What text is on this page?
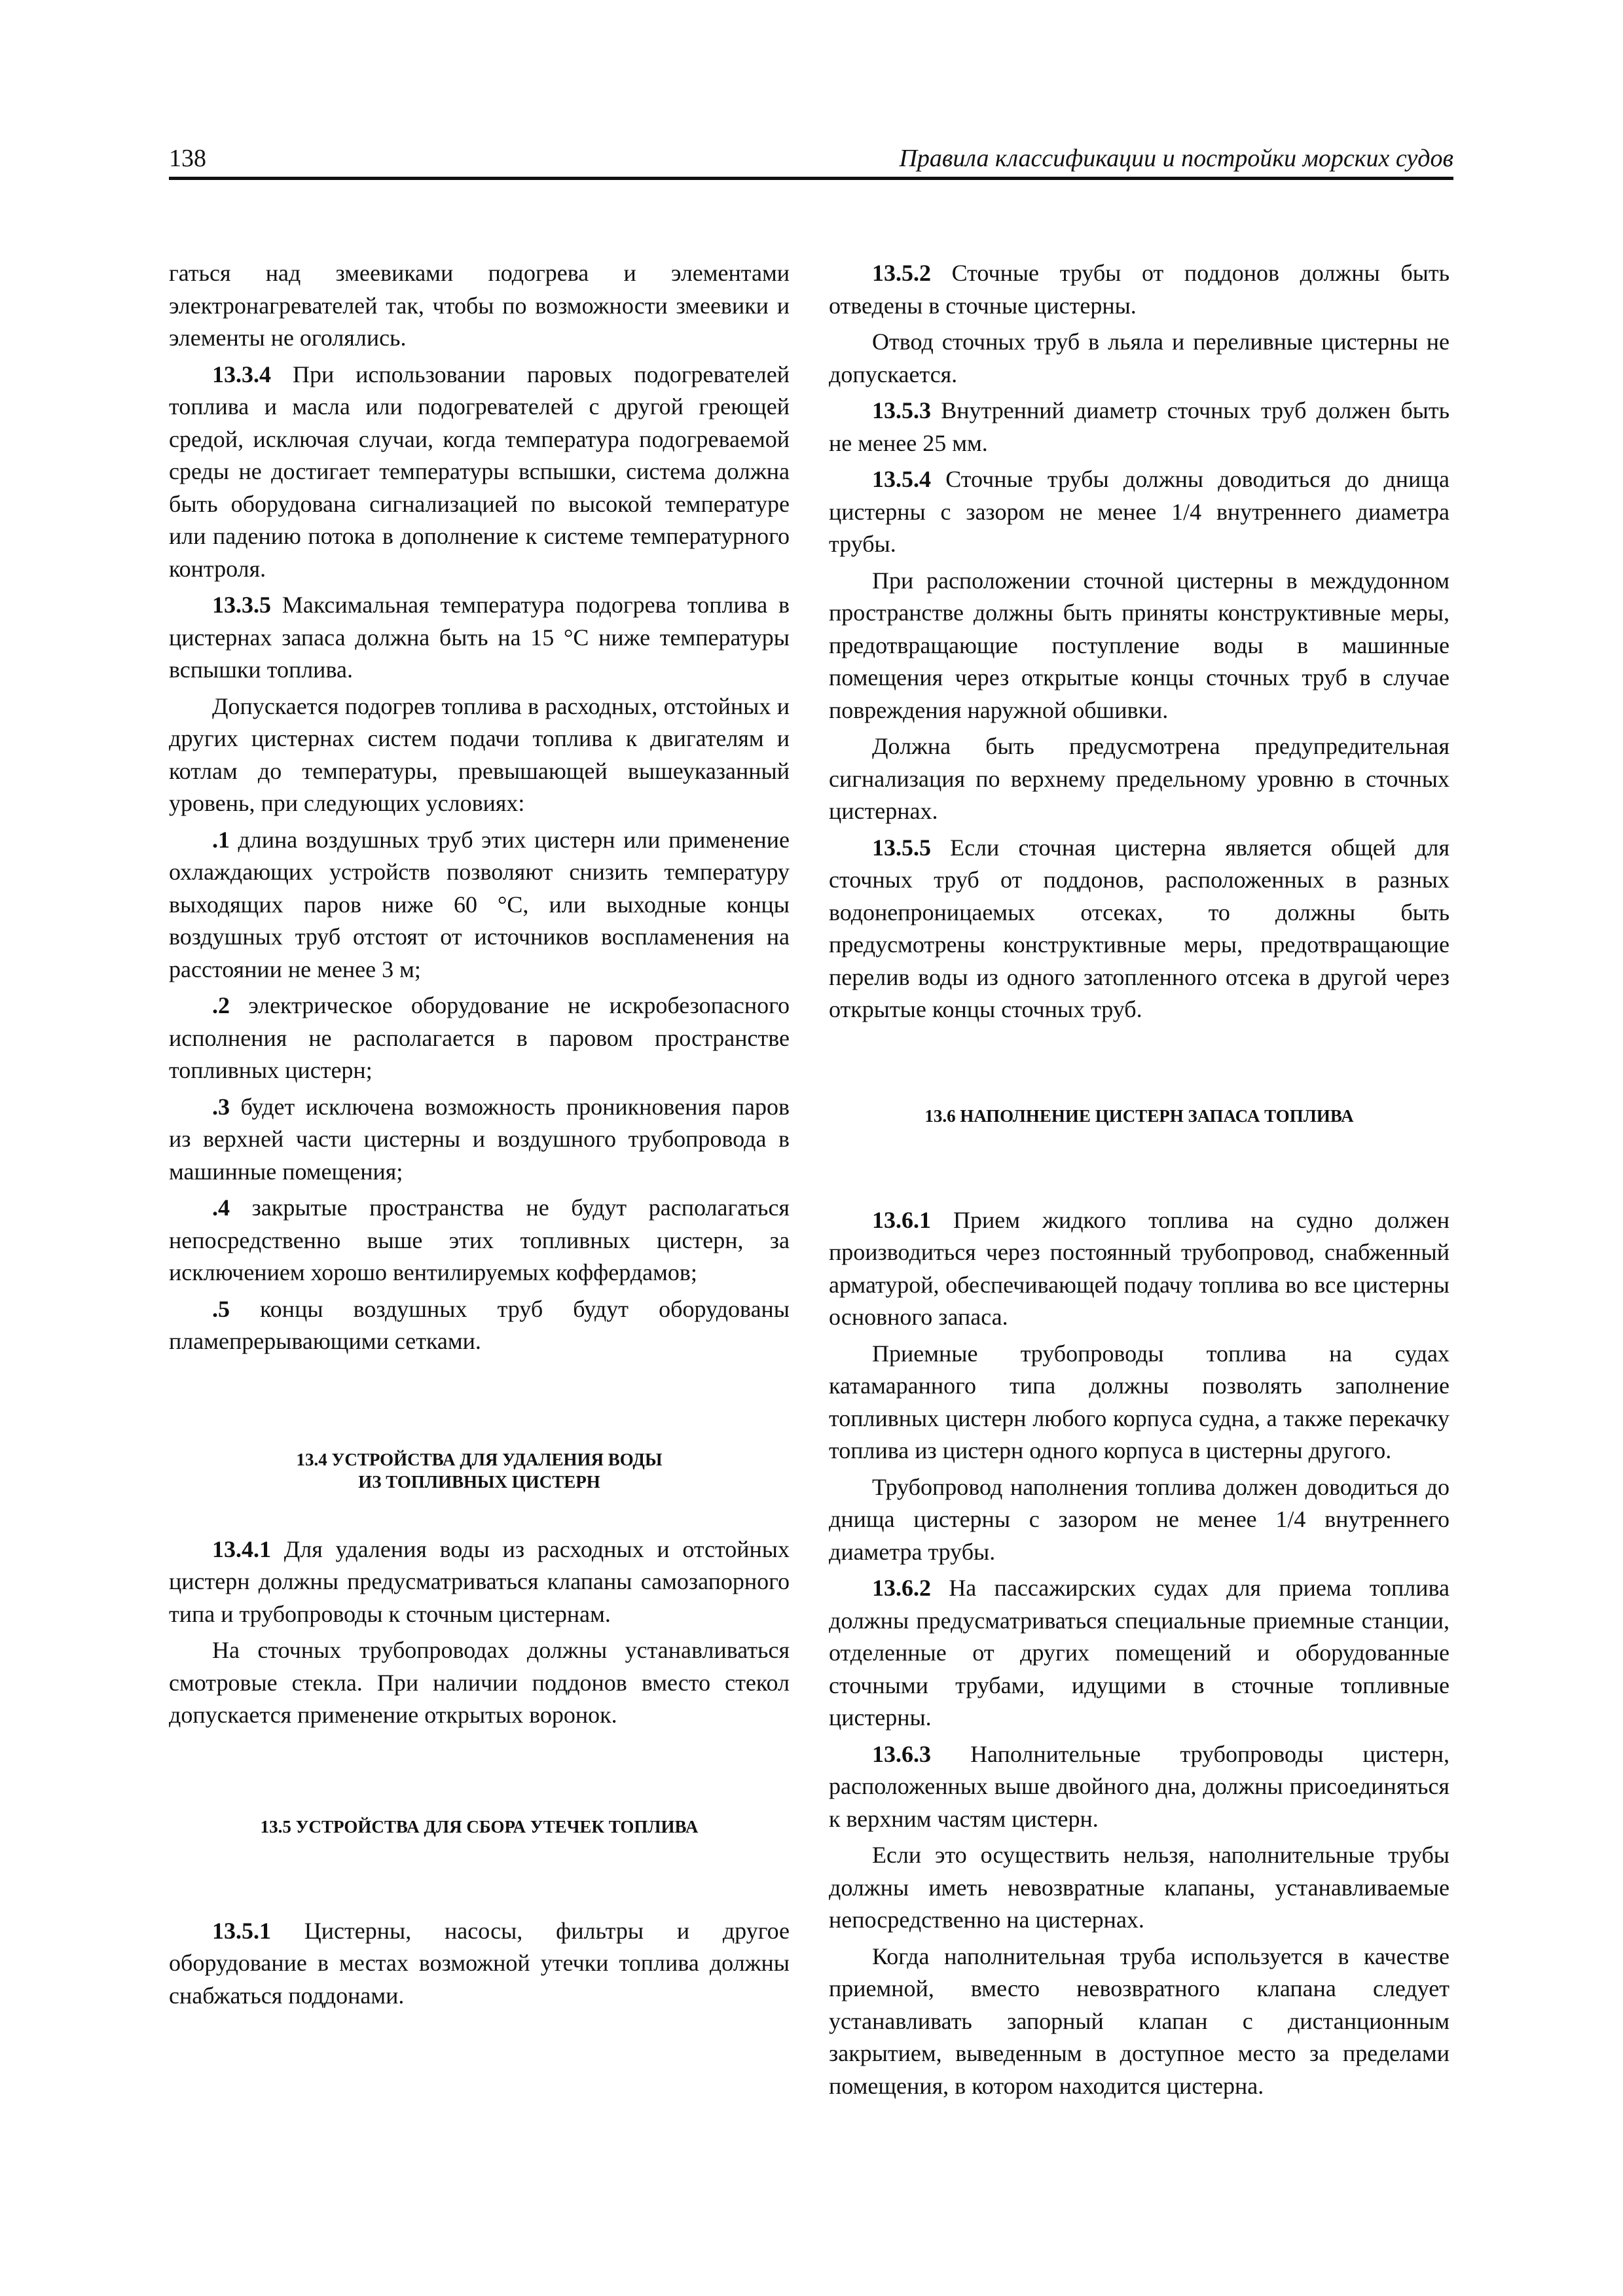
138	Правила классификации и постройки морских судов

гаться над змеевиками подогрева и элементами электронагревателей так, чтобы по возможности змеевики и элементы не оголялись.

13.3.4 При использовании паровых подогревателей топлива и масла или подогревателей с другой греющей средой, исключая случаи, когда температура подогреваемой среды не достигает температуры вспышки, система должна быть оборудована сигнализацией по высокой температуре или падению потока в дополнение к системе температурного контроля.

13.3.5 Максимальная температура подогрева топлива в цистернах запаса должна быть на 15 °С ниже температуры вспышки топлива.

Допускается подогрев топлива в расходных, отстойных и других цистернах систем подачи топлива к двигателям и котлам до температуры, превышающей вышеуказанный уровень, при следующих условиях:

.1 длина воздушных труб этих цистерн или применение охлаждающих устройств позволяют снизить температуру выходящих паров ниже 60 °С, или выходные концы воздушных труб отстоят от источников воспламенения на расстоянии не менее 3 м;

.2 электрическое оборудование не искробезопасного исполнения не располагается в паровом пространстве топливных цистерн;

.3 будет исключена возможность проникновения паров из верхней части цистерны и воздушного трубопровода в машинные помещения;

.4 закрытые пространства не будут располагаться непосредственно выше этих топливных цистерн, за исключением хорошо вентилируемых коффердамов;

.5 концы воздушных труб будут оборудованы пламепрерывающими сетками.

13.4 УСТРОЙСТВА ДЛЯ УДАЛЕНИЯ ВОДЫ
ИЗ ТОПЛИВНЫХ ЦИСТЕРН

13.4.1 Для удаления воды из расходных и отстойных цистерн должны предусматриваться клапаны самозапорного типа и трубопроводы к сточным цистернам.

На сточных трубопроводах должны устанавливаться смотровые стекла. При наличии поддонов вместо стекол допускается применение открытых воронок.

13.5 УСТРОЙСТВА ДЛЯ СБОРА УТЕЧЕК ТОПЛИВА

13.5.1 Цистерны, насосы, фильтры и другое оборудование в местах возможной утечки топлива должны снабжаться поддонами.

13.5.2 Сточные трубы от поддонов должны быть отведены в сточные цистерны.

Отвод сточных труб в льяла и переливные цистерны не допускается.

13.5.3 Внутренний диаметр сточных труб должен быть не менее 25 мм.

13.5.4 Сточные трубы должны доводиться до днища цистерны с зазором не менее 1/4 внутреннего диаметра трубы.

При расположении сточной цистерны в междудонном пространстве должны быть приняты конструктивные меры, предотвращающие поступление воды в машинные помещения через открытые концы сточных труб в случае повреждения наружной обшивки.

Должна быть предусмотрена предупредительная сигнализация по верхнему предельному уровню в сточных цистернах.

13.5.5 Если сточная цистерна является общей для сточных труб от поддонов, расположенных в разных водонепроницаемых отсеках, то должны быть предусмотрены конструктивные меры, предотвращающие перелив воды из одного затопленного отсека в другой через открытые концы сточных труб.

13.6 НАПОЛНЕНИЕ ЦИСТЕРН ЗАПАСА ТОПЛИВА

13.6.1 Прием жидкого топлива на судно должен производиться через постоянный трубопровод, снабженный арматурой, обеспечивающей подачу топлива во все цистерны основного запаса.

Приемные трубопроводы топлива на судах катамаранного типа должны позволять заполнение топливных цистерн любого корпуса судна, а также перекачку топлива из цистерн одного корпуса в цистерны другого.

Трубопровод наполнения топлива должен доводиться до днища цистерны с зазором не менее 1/4 внутреннего диаметра трубы.

13.6.2 На пассажирских судах для приема топлива должны предусматриваться специальные приемные станции, отделенные от других помещений и оборудованные сточными трубами, идущими в сточные топливные цистерны.

13.6.3 Наполнительные трубопроводы цистерн, расположенных выше двойного дна, должны присоединяться к верхним частям цистерн.

Если это осуществить нельзя, наполнительные трубы должны иметь невозвратные клапаны, устанавливаемые непосредственно на цистернах.

Когда наполнительная труба используется в качестве приемной, вместо невозвратного клапана следует устанавливать запорный клапан с дистанционным закрытием, выведенным в доступное место за пределами помещения, в котором находится цистерна.
